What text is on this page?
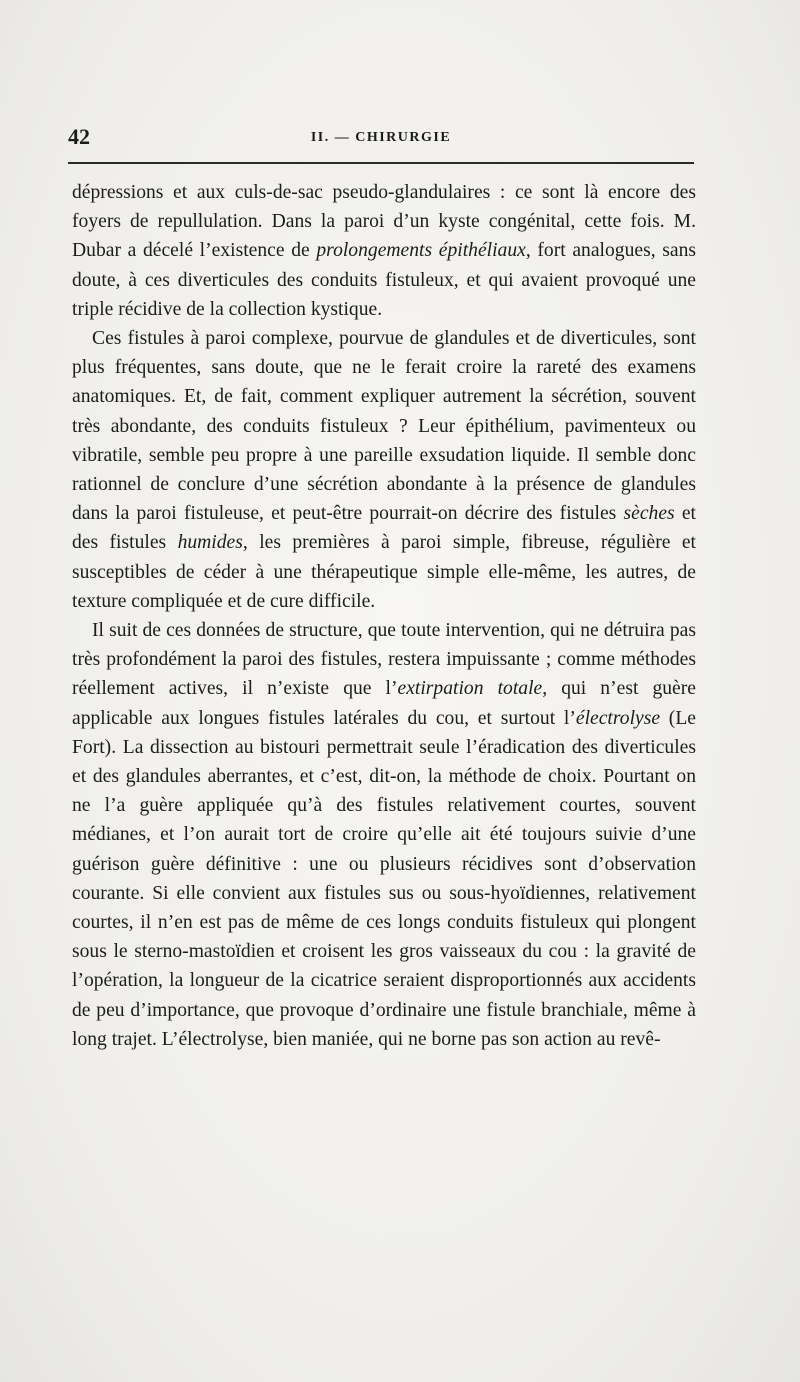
42	II. — CHIRURGIE

dépressions et aux culs-de-sac pseudo-glandulaires : ce sont là encore des foyers de repullulation. Dans la paroi d’un kyste congénital, cette fois. M. Dubar a décelé l’existence de prolongements épithéliaux, fort analogues, sans doute, à ces diverticules des conduits fistuleux, et qui avaient provoqué une triple récidive de la collection kystique.

Ces fistules à paroi complexe, pourvue de glandules et de diverticules, sont plus fréquentes, sans doute, que ne le ferait croire la rareté des examens anatomiques. Et, de fait, comment expliquer autrement la sécrétion, souvent très abondante, des conduits fistuleux ? Leur épithélium, pavimenteux ou vibratile, semble peu propre à une pareille exsudation liquide. Il semble donc rationnel de conclure d’une sécrétion abondante à la présence de glandules dans la paroi fistuleuse, et peut-être pourrait-on décrire des fistules sèches et des fistules humides, les premières à paroi simple, fibreuse, régulière et susceptibles de céder à une thérapeutique simple elle-même, les autres, de texture compliquée et de cure difficile.

Il suit de ces données de structure, que toute intervention, qui ne détruira pas très profondément la paroi des fistules, restera impuissante ; comme méthodes réellement actives, il n’existe que l’extirpation totale, qui n’est guère applicable aux longues fistules latérales du cou, et surtout l’électrolyse (Le Fort). La dissection au bistouri permettrait seule l’éradication des diverticules et des glandules aberrantes, et c’est, dit-on, la méthode de choix. Pourtant on ne l’a guère appliquée qu’à des fistules relativement courtes, souvent médianes, et l’on aurait tort de croire qu’elle ait été toujours suivie d’une guérison guère définitive : une ou plusieurs récidives sont d’observation courante. Si elle convient aux fistules sus ou sous-hyoïdiennes, relativement courtes, il n’en est pas de même de ces longs conduits fistuleux qui plongent sous le sterno-mastoïdien et croisent les gros vaisseaux du cou : la gravité de l’opération, la longueur de la cicatrice seraient disproportionnés aux accidents de peu d’importance, que provoque d’ordinaire une fistule branchiale, même à long trajet. L’électrolyse, bien maniée, qui ne borne pas son action au revê-
